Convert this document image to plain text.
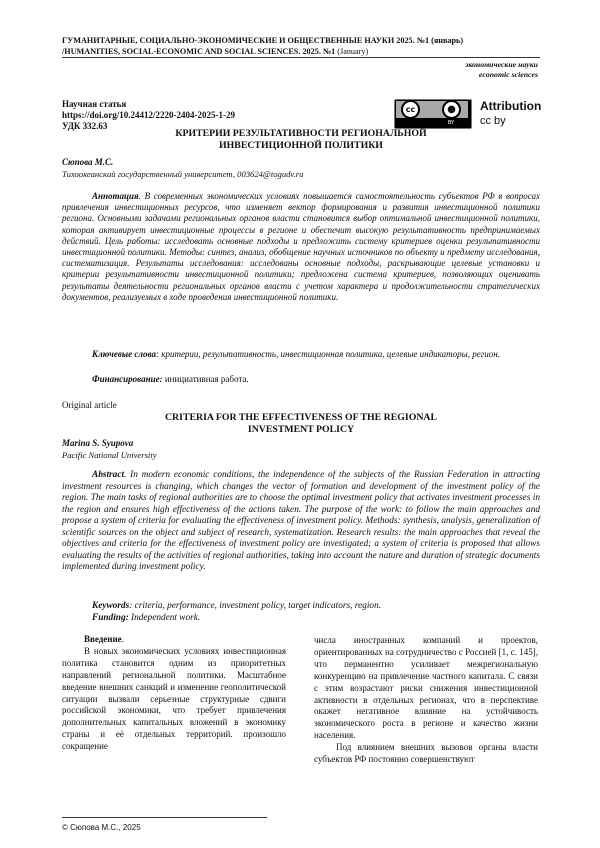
ГУМАНИТАРНЫЕ, СОЦИАЛЬНО-ЭКОНОМИЧЕСКИЕ И ОБЩЕСТВЕННЫЕ НАУКИ 2025. №1 (январь)
/HUMANITIES, SOCIAL-ECONOMIC AND SOCIAL SCIENCES. 2025. №1 (January)
экономические науки
economic sciences
Научная статья
https://doi.org/10.24412/2220-2404-2025-1-29
УДК 332.63
cc	●
BY
Attribution
cc by
КРИТЕРИИ РЕЗУЛЬТАТИВНОСТИ РЕГИОНАЛЬНОЙ
ИНВЕСТИЦИОННОЙ ПОЛИТИКИ
Сюпова М.С.
Тихоокеанский государственный университет, 003624@togudv.ru
Аннотация. В современных экономических условиях повышается самостоятельность субъектов РФ в вопросах привлечения инвестиционных ресурсов, что изменяет вектор формирования и развития инвестиционной политики региона. Основными задачами региональных органов власти становится выбор оптимальной инвестиционной политики, которая активирует инвестиционные процессы в регионе и обеспечит высокую результативность предпринимаемых действий. Цель работы: исследовать основные подходы и предложить систему критериев оценки результативности инвестиционной политики. Методы: синтез, анализ, обобщение научных источников по объекту и предмету исследования, систематизация. Результаты исследования: исследованы основные подходы, раскрывающие целевые установки и критерии результативности инвестиционной политики; предложена система критериев, позволяющих оценивать результаты деятельности региональных органов власти с учетом характера и продолжительности стратегических документов, реализуемых в ходе проведения инвестиционной политики.
Ключевые слова: критерии, результативность, инвестиционная политика, целевые индикаторы, регион.
Финансирование: инициативная работа.
Original article
CRITERIA FOR THE EFFECTIVENESS OF THE REGIONAL
INVESTMENT POLICY
Marina S. Syupova
Pacific National University
Abstract. In modern economic conditions, the independence of the subjects of the Russian Federation in attracting investment resources is changing, which changes the vector of formation and development of the investment policy of the region. The main tasks of regional authorities are to choose the optimal investment policy that activates investment processes in the region and ensures high effectiveness of the actions taken. The purpose of the work: to follow the main approaches and propose a system of criteria for evaluating the effectiveness of investment policy. Methods: synthesis, analysis, generalization of scientific sources on the object and subject of research, systematization. Research results: the main approaches that reveal the objectives and criteria for the effectiveness of investment policy are investigated; a system of criteria is proposed that allows evaluating the results of the activities of regional authorities, taking into account the nature and duration of strategic documents implemented during investment policy.
Keywords: criteria, performance, investment policy, target indicators, region.
Funding: Independent work.

Введение.

В новых экономических условиях инвестиционная политика становится одним из приоритетных направлений региональной политики. Масштабное введение внешних санкций и изменение геополитической ситуации вызвали серьезные структурные сдвиги российской экономики, что требует привлечения дополнительных капитальных вложений в экономику страны и её отдельных территорий. произошло сокращение

числа иностранных компаний и проектов, ориентированных на сотрудничество с Россией [1, с. 145], что перманентно усиливает межрегиональную конкуренцию на привлечение частного капитала. С связи с этим возрастают риски снижения инвестиционной активности в отдельных регионах, что в перспективе окажет негативное влияние на устойчивость экономического роста в регионе и качество жизни населения.

Под влиянием внешних вызовов органы власти субъектов РФ постоянно совершенствуют

© Сюпова М.С., 2025
